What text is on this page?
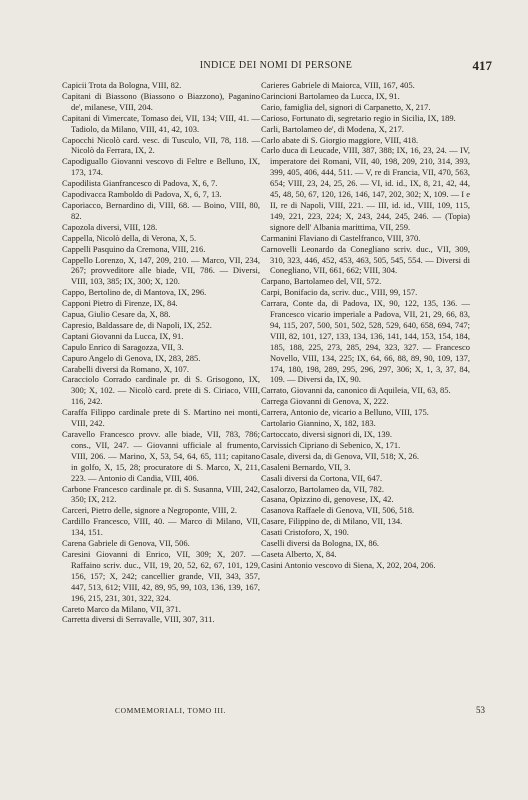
INDICE DEI NOMI DI PERSONE	417

Capicii Trota da Bologna, VIII, 82.

Capitani di Biassono (Biassono o Biazzono), Paganino de', milanese, VIII, 204.

Capitani di Vimercate, Tomaso dei, VII, 134; VIII, 41. — Tadiolo, da Milano, VIII, 41, 42, 103.

Capocchi Nicolò card. vesc. di Tusculo, VII, 78, 118. — Nicolò da Ferrara, IX, 2.

Capodiguallo Giovanni vescovo di Feltre e Belluno, IX, 173, 174.

Capodilista Gianfrancesco di Padova, X, 6, 7.

Capodivacca Ramboldo di Padova, X, 6, 7, 13.

Caporiacco, Bernardino di, VIII, 68. — Boino, VIII, 80, 82.

Capozola diversi, VIII, 128.

Cappella, Nicolò della, di Verona, X, 5.

Cappelli Pasquino da Cremona, VIII, 216.

Cappello Lorenzo, X, 147, 209, 210. — Marco, VII, 234, 267; provveditore alle biade, VII, 786. — Diversi, VIII, 103, 385; IX, 300; X, 120.

Cappo, Bertolino de, di Mantova, IX, 296.

Capponi Pietro di Firenze, IX, 84.

Capua, Giulio Cesare da, X, 88.

Capresio, Baldassare de, di Napoli, IX, 252.

Captani Giovanni da Lucca, IX, 91.

Capulo Enrico di Saragozza, VII, 3.

Capuro Angelo di Genova, IX, 283, 285.

Carabelli diversi da Romano, X, 107.

Caracciolo Corrado cardinale pr. di S. Grisogono, IX, 300; X, 102. — Nicolò card. prete di S. Ciriaco, VIII, 116, 242.

Caraffa Filippo cardinale prete di S. Martino nei monti, VIII, 242.

Caravello Francesco provv. alle biade, VII, 783, 786; cons., VII, 247. — Giovanni ufficiale al frumento, VIII, 206. — Marino, X, 53, 54, 64, 65, 111; capitano in golfo, X, 15, 28; procuratore di S. Marco, X, 211, 223. — Antonio di Candia, VIII, 406.

Carbone Francesco cardinale pr. di S. Susanna, VIII, 242, 350; IX, 212.

Carceri, Pietro delle, signore a Negroponte, VIII, 2.

Cardillo Francesco, VIII, 40. — Marco di Milano, VII, 134, 151.

Carena Gabriele di Genova, VII, 506.

Caresini Giovanni di Enrico, VII, 309; X, 207. — Raffaino scriv. duc., VII, 19, 20, 52, 62, 67, 101, 129, 156, 157; X, 242; cancellier grande, VII, 343, 357, 447, 513, 612; VIII, 42, 89, 95, 99, 103, 136, 139, 167, 196, 215, 231, 301, 322, 324.

Careto Marco da Milano, VII, 371.

Carretta diversi di Serravalle, VIII, 307, 311.

Carieres Gabriele di Maiorca, VIII, 167, 405.

Carincioni Bartolameo da Lucca, IX, 91.

Cario, famiglia del, signori di Carpanetto, X, 217.

Carioso, Fortunato di, segretario regio in Sicilia, IX, 189.

Carli, Bartolameo de', di Modena, X, 217.

Carlo abate di S. Giorgio maggiore, VIII, 418.

Carlo duca di Leucade, VIII, 387, 388; IX, 16, 23, 24. — IV, imperatore dei Romani, VII, 40, 198, 209, 210, 314, 393, 399, 405, 406, 444, 511. — V, re di Francia, VII, 470, 563, 654; VIII, 23, 24, 25, 26. — VI, id. id., IX, 8, 21, 42, 44, 45, 48, 50, 67, 120, 126, 146, 147, 202, 302; X, 109. — I e II, re di Napoli, VIII, 221. — III, id. id., VIII, 109, 115, 149, 221, 223, 224; X, 243, 244, 245, 246. — (Topia) signore dell' Albania marittima, VII, 259.

Carmanini Flaviano di Castelfranco, VIII, 370.

Carnovelli Leonardo da Conegliano scriv. duc., VII, 309, 310, 323, 446, 452, 453, 463, 505, 545, 554. — Diversi di Conegliano, VII, 661, 662; VIII, 304.

Carpano, Bartolameo del, VII, 572.

Carpi, Bonifacio da, scriv. duc., VIII, 99, 157.

Carrara, Conte da, di Padova, IX, 90, 122, 135, 136. — Francesco vicario imperiale a Padova, VII, 21, 29, 66, 83, 94, 115, 207, 500, 501, 502, 528, 529, 640, 658, 694, 747; VIII, 82, 101, 127, 133, 134, 136, 141, 144, 153, 154, 184, 185, 188, 225, 273, 285, 294, 323, 327. — Francesco Novello, VIII, 134, 225; IX, 64, 66, 88, 89, 90, 109, 137, 174, 180, 198, 289, 295, 296, 297, 306; X, 1, 3, 37, 84, 109. — Diversi da, IX, 90.

Carrato, Giovanni da, canonico di Aquileia, VII, 63, 85.

Carrega Giovanni di Genova, X, 222.

Carrera, Antonio de, vicario a Belluno, VIII, 175.

Cartolario Giannino, X, 182, 183.

Cartoccato, diversi signori di, IX, 139.

Carvissich Cipriano di Sebenico, X, 171.

Casale, diversi da, di Genova, VII, 518; X, 26.

Casaleni Bernardo, VII, 3.

Casali diversi da Cortona, VII, 647.

Casalorzo, Bartolameo da, VII, 782.

Casana, Opizzino di, genovese, IX, 42.

Casanova Raffaele di Genova, VII, 506, 518.

Casare, Filippino de, di Milano, VII, 134.

Casati Cristoforo, X, 190.

Caselli diversi da Bologna, IX, 86.

Caseta Alberto, X, 84.

Casini Antonio vescovo di Siena, X, 202, 204, 206.

COMMEMORIALI, TOMO III.	53
